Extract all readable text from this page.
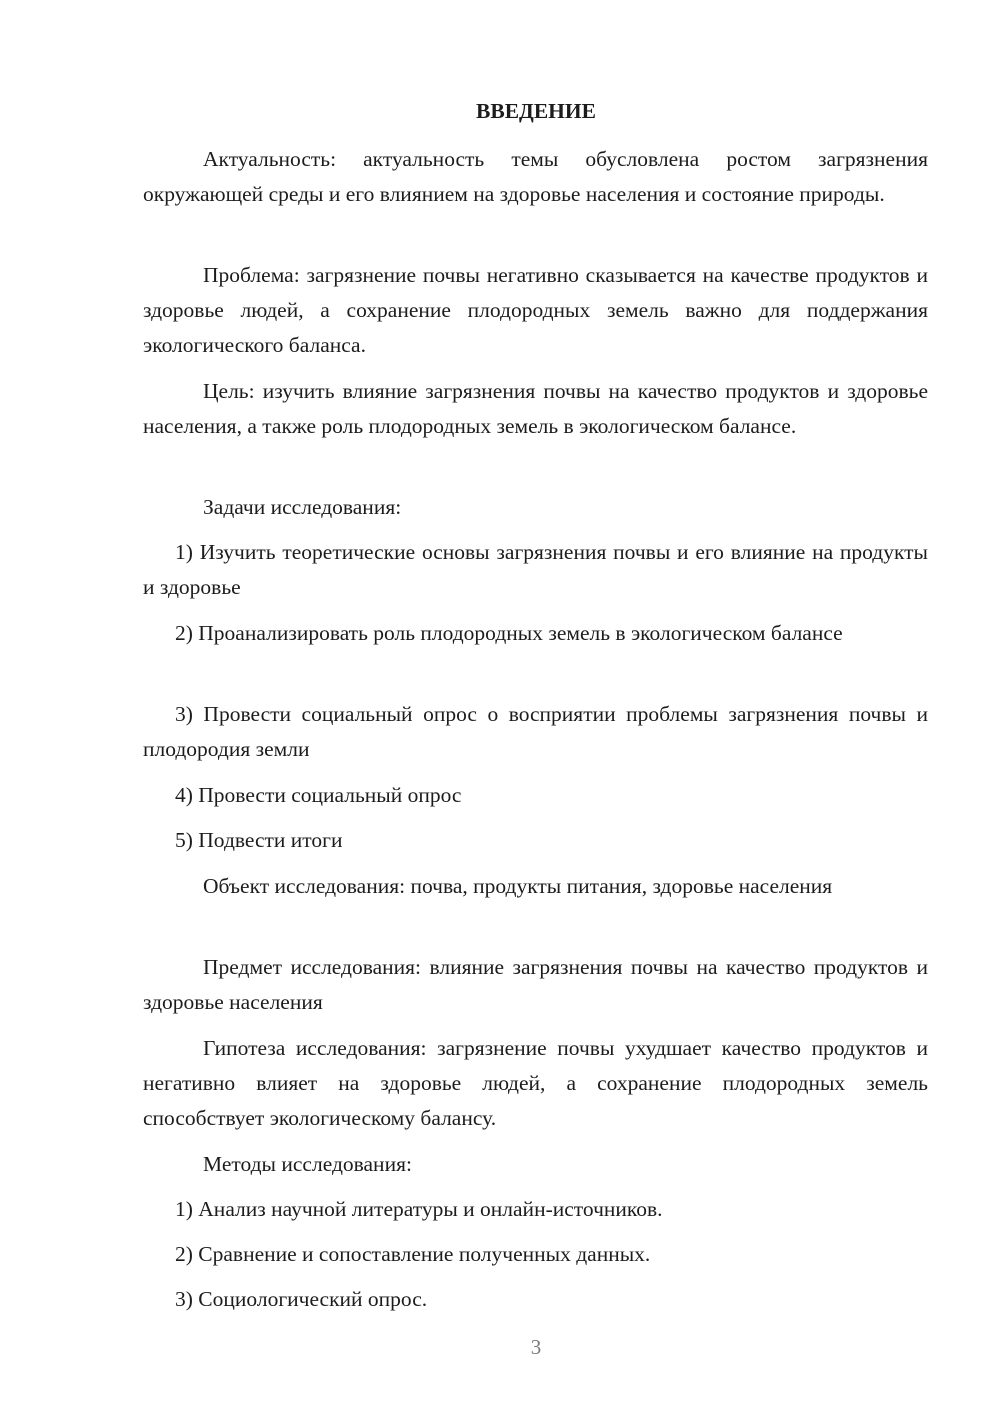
ВВЕДЕНИЕ

Актуальность: актуальность темы обусловлена ростом загрязнения окружающей среды и его влиянием на здоровье населения и состояние природы.

Проблема: загрязнение почвы негативно сказывается на качестве продуктов и здоровье людей, а сохранение плодородных земель важно для поддержания экологического баланса.

Цель: изучить влияние загрязнения почвы на качество продуктов и здоровье населения, а также роль плодородных земель в экологическом балансе.

Задачи исследования:

1) Изучить теоретические основы загрязнения почвы и его влияние на продукты и здоровье

2) Проанализировать роль плодородных земель в экологическом балансе

3) Провести социальный опрос о восприятии проблемы загрязнения почвы и плодородия земли

4) Провести социальный опрос

5) Подвести итоги

Объект исследования: почва, продукты питания, здоровье населения

Предмет исследования: влияние загрязнения почвы на качество продуктов и здоровье населения

Гипотеза исследования: загрязнение почвы ухудшает качество продуктов и негативно влияет на здоровье людей, а сохранение плодородных земель способствует экологическому балансу.

Методы исследования:

1) Анализ научной литературы и онлайн-источников.

2) Сравнение и сопоставление полученных данных.

3) Социологический опрос.

3
